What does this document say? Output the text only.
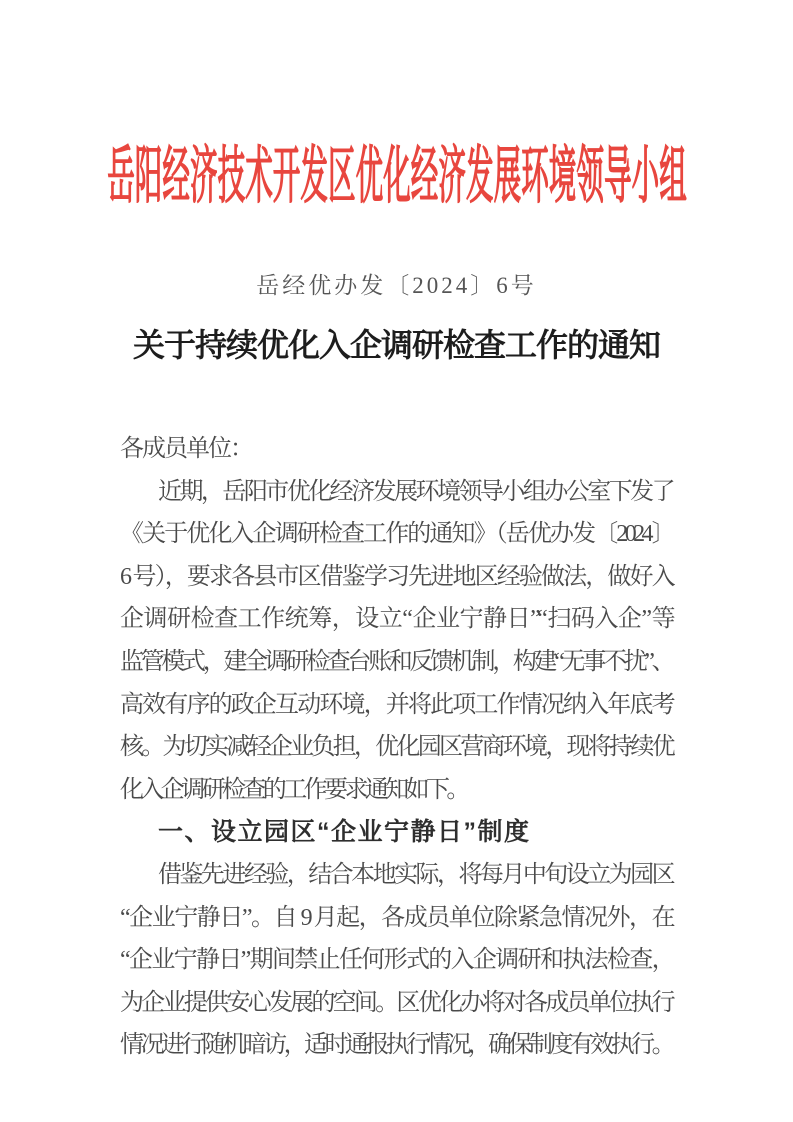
岳阳经济技术开发区优化经济发展环境领导小组
岳经优办发〔2024〕6号
关于持续优化入企调研检查工作的通知
各成员单位：
近期，岳阳市优化经济发展环境领导小组办公室下发了
《关于优化入企调研检查工作的通知》（岳优办发〔2024〕
6 号），要求各县市区借鉴学习先进地区经验做法，做好入
企调研检查工作统筹，设立“企业宁静日”“扫码入企”等
监管模式，建全调研检查台账和反馈机制，构建“无事不扰”、
高效有序的政企互动环境，并将此项工作情况纳入年底考
核。为切实减轻企业负担，优化园区营商环境，现将持续优
化入企调研检查的工作要求通知如下。
一、设立园区“企业宁静日”制度
借鉴先进经验，结合本地实际，将每月中旬设立为园区
“企业宁静日”。自 9 月起，各成员单位除紧急情况外，在
“企业宁静日”期间禁止任何形式的入企调研和执法检查，
为企业提供安心发展的空间。区优化办将对各成员单位执行
情况进行随机暗访，适时通报执行情况，确保制度有效执行。
